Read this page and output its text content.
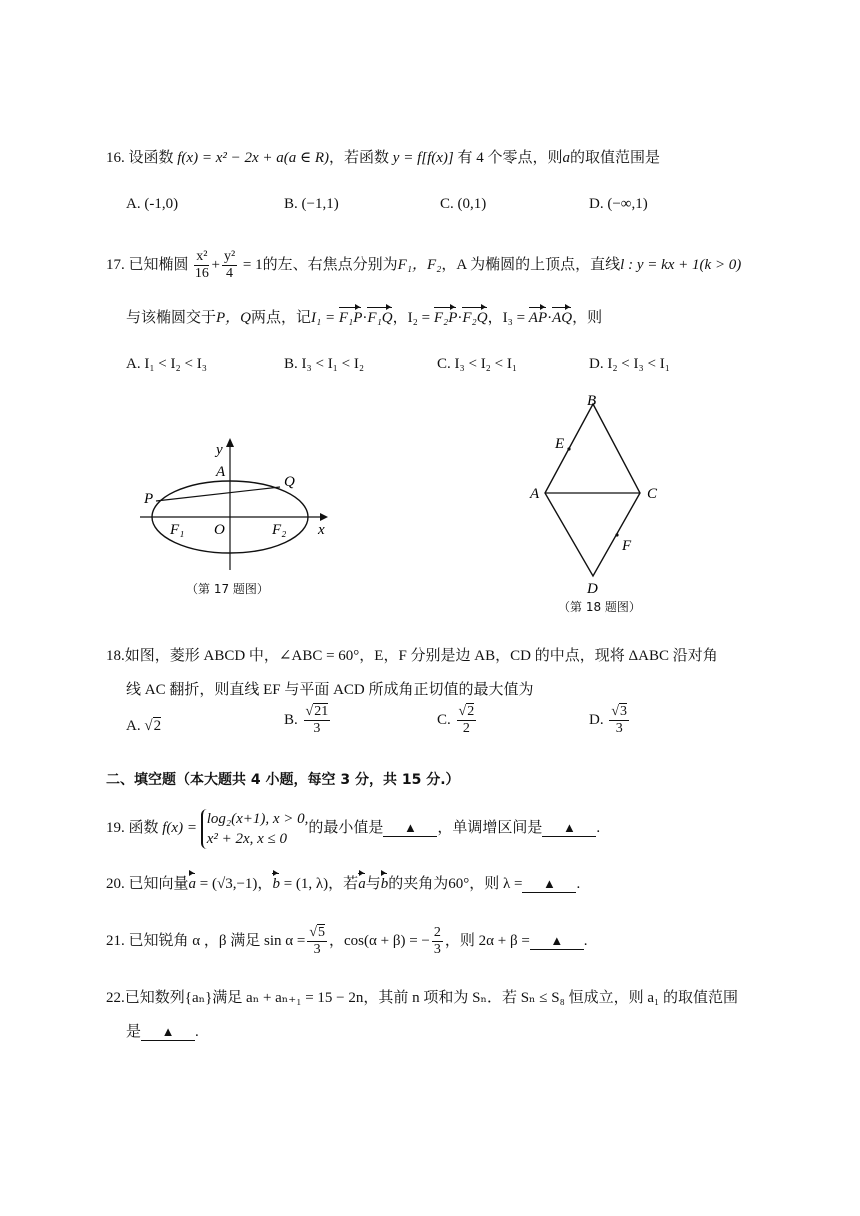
16. 设函数 f(x) = x² − 2x + a(a ∈ R)，若函数 y = f[f(x)] 有 4 个零点，则a的取值范围是
A. (-1,0)	B. (−1,1)	C. (0,1)	D. (−∞,1)
17. 已知椭圆 $\frac{\text{x²}}{16} + \frac{\text{y²}}{4} = 1$的左、右焦点分别为F₁，F₂，A 为椭圆的上顶点，直线l : y = kx + 1(k > 0)
与该椭圆交于P，Q两点，记I₁ = F₁P·F₁Q，I₂ = F₂P·F₂Q，I₃ = AP·AQ，则
A. I₁ < I₂ < I₃	B. I₃ < I₁ < I₂	C. I₃ < I₂ < I₁	D. I₂ < I₃ < I₁
y
A
P
Q
F₁ O	F₂ x
（第 17 题图）
B
E
A	C
F
D
（第 18 题图）
18.如图，菱形 ABCD 中，∠ABC = 60°，E，F 分别是边 AB，CD 的中点，现将 ΔABC 沿对角
线 AC 翻折，则直线 EF 与平面 ACD 所成角正切值的最大值为
A. √2	B. $\frac{√21}{3}$	C. $\frac{√2}{2}$	D. $\frac{√3}{3}$
二、填空题（本大题共 4 小题，每空 3 分，共 15 分.）
19. 函数 f(x) =
log₂(x+1), x > 0,
x² + 2x, x ≤ 0
的最小值是 ▲ ，单调增区间是 ▲ .
20. 已知向量a = (√3,−1)，b = (1, λ)，若a与b的夹角为60°，则 λ = ▲ .
21. 已知锐角 α ，β 满足 $\sin \alpha = \frac{√5}{3}$ ，cos(α + β) = − $\frac{2}{3}$ ，则 2α + β = ▲ .
22.已知数列{aₙ}满足 aₙ + aₙ₊₁ = 15 − 2n，其前 n 项和为 Sₙ．若 Sₙ ≤ S₈ 恒成立，则 a₁ 的取值范围
是 ▲ .
